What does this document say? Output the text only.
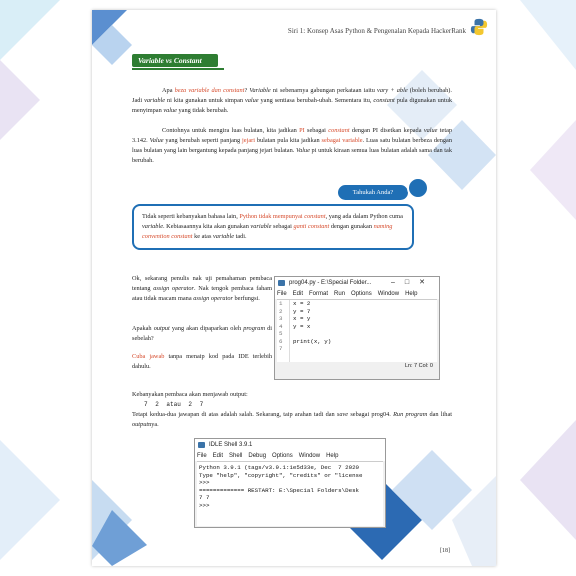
Siri 1: Konsep Asas Python & Pengenalan Kepada HackerRank
Variable vs Constant
Apa beza variable dan constant? Variable ni sebenarnya gabungan perkataan iaitu vary + able (boleh berubah). Jadi variable ni kita gunakan untuk simpan value yang sentiasa berubah-ubah. Sementara itu, constant pula digunakan untuk menyimpan value yang tidak berubah.
Contohnya untuk mengira luas bulatan, kita jadikan PI sebagai constant dengan PI disetkan kepada value tetap 3.142. Value yang berubah seperti panjang jejari bulatan pula kita jadikan sebagai variable. Luas satu bulatan berbeza dengan luas bulatan yang lain bergantung kepada panjang jejari bulatan. Value pi untuk kiraan semua luas bulatan adalah sama dan tak berubah.
Tahukah Anda?
Tidak seperti kebanyakan bahasa lain, Python tidak mempunyai constant, yang ada dalam Python cuma variable. Kebiasaannya kita akan gunakan variable sebagai ganti constant dengan gunakan naming convention constant ke atas variable tadi.
Ok, sekarang penulis nak uji pemahaman pembaca tentang assign operator. Nak tengok pembaca faham atau tidak macam mana assign operator berfungsi.
Apakah output yang akan dipaparkan oleh program di sebelah?
Cuba jawab tanpa menaip kod pada IDE terlebih dahulu.
prog04.py - E:\Special Folder...	–□✕
File Edit Format Run Options Window Help
1
2
3
4
5
6
7
x = 2
y = 7
x = y
y = x

print(x, y)

Ln: 7 Col: 0
Kebanyakan pembaca akan menjawab output:
7 2 atau 2 7
Tetapi kedua-dua jawapan di atas adalah salah. Sekarang, taip arahan tadi dan save sebagai prog04. Run program dan lihat outputnya.
IDLE Shell 3.9.1
File Edit Shell Debug Options Window Help
Python 3.9.1 (tags/v3.9.1:1e5d33e, Dec  7 2020
Type "help", "copyright", "credits" or "license
>>>
============= RESTART: E:\Special Folders\Desk
7 7
>>>
[18]
